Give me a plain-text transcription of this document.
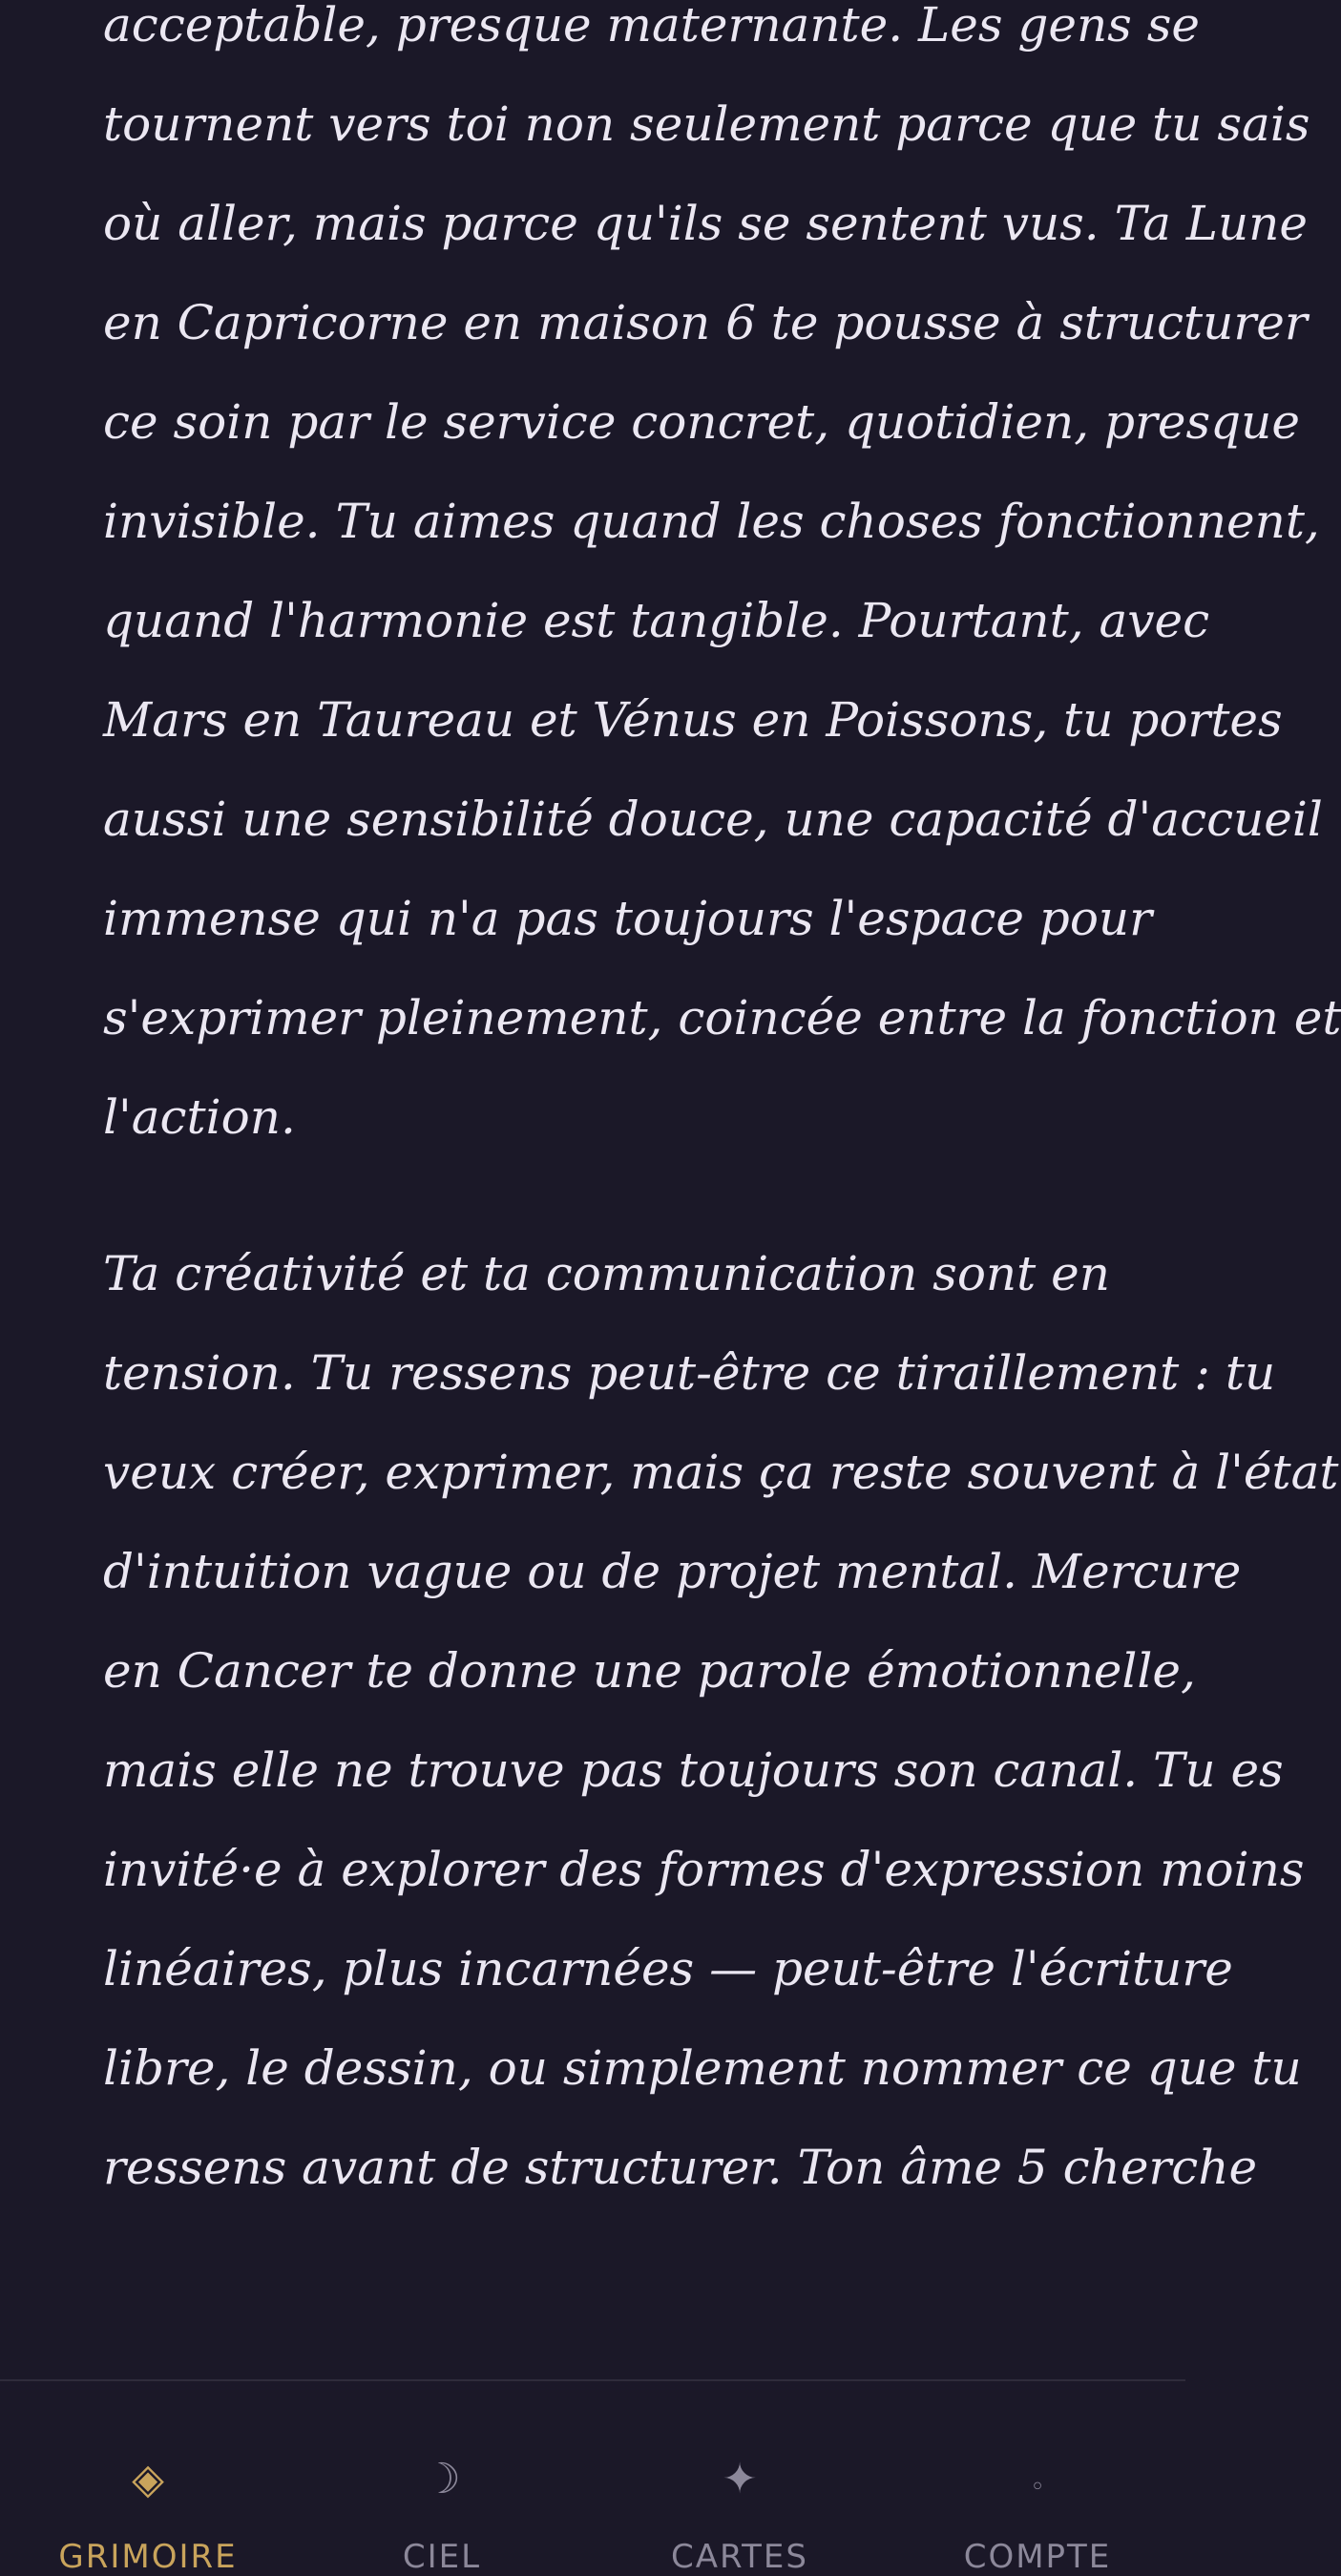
acceptable, presque maternante. Les gens se
tournent vers toi non seulement parce que tu sais
où aller, mais parce qu'ils se sentent vus. Ta Lune
en Capricorne en maison 6 te pousse à structurer
ce soin par le service concret, quotidien, presque
invisible. Tu aimes quand les choses fonctionnent,
quand l'harmonie est tangible. Pourtant, avec
Mars en Taureau et Vénus en Poissons, tu portes
aussi une sensibilité douce, une capacité d'accueil
immense qui n'a pas toujours l'espace pour
s'exprimer pleinement, coincée entre la fonction et
l'action.

Ta créativité et ta communication sont en
tension. Tu ressens peut-être ce tiraillement : tu
veux créer, exprimer, mais ça reste souvent à l'état
d'intuition vague ou de projet mental. Mercure
en Cancer te donne une parole émotionnelle,
mais elle ne trouve pas toujours son canal. Tu es
invité·e à explorer des formes d'expression moins
linéaires, plus incarnées — peut-être l'écriture
libre, le dessin, ou simplement nommer ce que tu
ressens avant de structurer. Ton âme 5 cherche

◈
GRIMOIRE
☽
CIEL
✦
CARTES
◦
COMPTE
